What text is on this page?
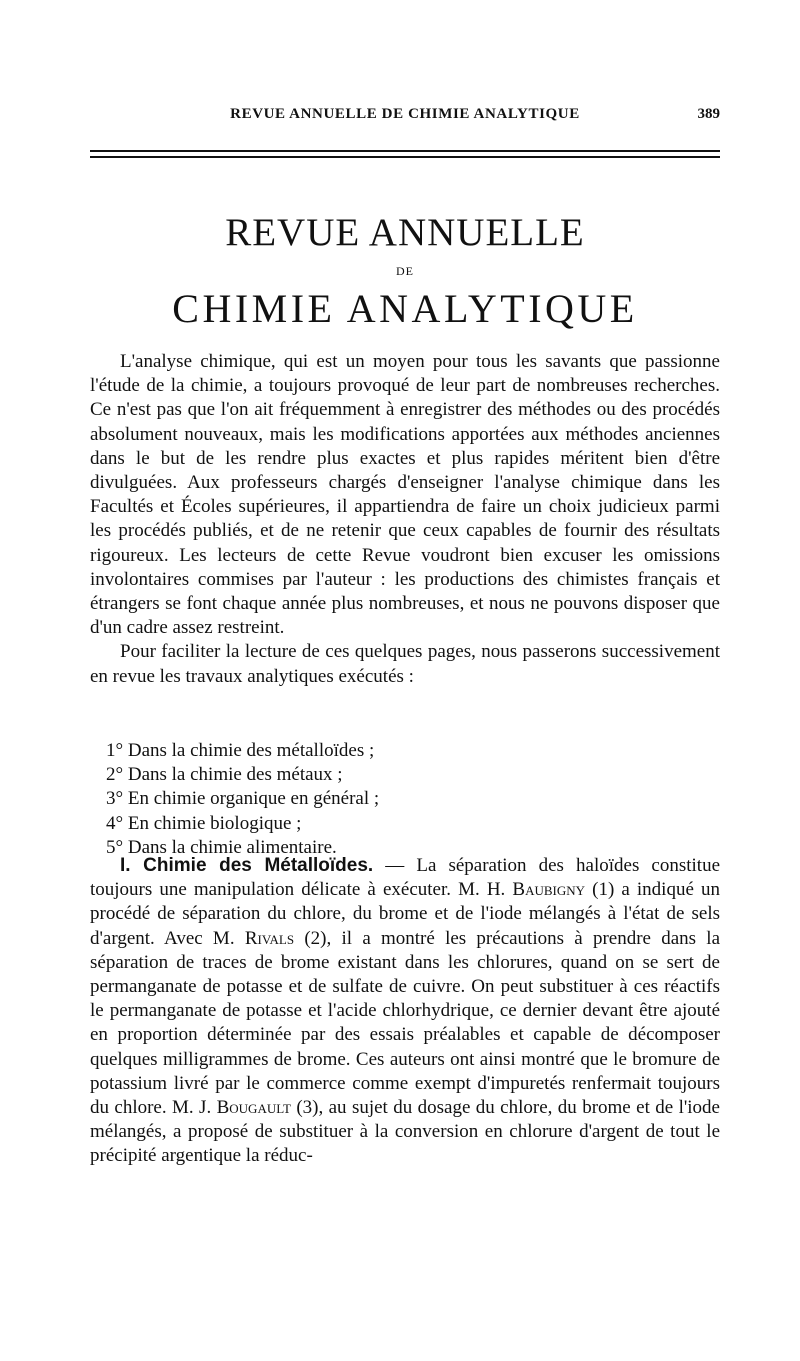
REVUE ANNUELLE DE CHIMIE ANALYTIQUE	389
REVUE ANNUELLE
DE
CHIMIE ANALYTIQUE

L'analyse chimique, qui est un moyen pour tous les savants que passionne l'étude de la chimie, a toujours provoqué de leur part de nombreuses recherches. Ce n'est pas que l'on ait fréquemment à enregistrer des méthodes ou des procédés absolument nouveaux, mais les modifications apportées aux méthodes anciennes dans le but de les rendre plus exactes et plus rapides méritent bien d'être divulguées. Aux professeurs chargés d'enseigner l'analyse chimique dans les Facultés et Écoles supérieures, il appartiendra de faire un choix judicieux parmi les procédés publiés, et de ne retenir que ceux capables de fournir des résultats rigoureux. Les lecteurs de cette Revue voudront bien excuser les omissions involontaires commises par l'auteur : les productions des chimistes français et étrangers se font chaque année plus nombreuses, et nous ne pouvons disposer que d'un cadre assez restreint.

Pour faciliter la lecture de ces quelques pages, nous passerons successivement en revue les travaux analytiques exécutés :

1° Dans la chimie des métalloïdes ;
2° Dans la chimie des métaux ;
3° En chimie organique en général ;
4° En chimie biologique ;
5° Dans la chimie alimentaire.

I. Chimie des Métalloïdes. — La séparation des haloïdes constitue toujours une manipulation délicate à exécuter. M. H. Baubigny (1) a indiqué un procédé de séparation du chlore, du brome et de l'iode mélangés à l'état de sels d'argent. Avec M. Rivals (2), il a montré les précautions à prendre dans la séparation de traces de brome existant dans les chlorures, quand on se sert de permanganate de potasse et de sulfate de cuivre. On peut substituer à ces réactifs le permanganate de potasse et l'acide chlorhydrique, ce dernier devant être ajouté en proportion déterminée par des essais préalables et capable de décomposer quelques milligrammes de brome. Ces auteurs ont ainsi montré que le bromure de potassium livré par le commerce comme exempt d'impuretés renfermait toujours du chlore. M. J. Bougault (3), au sujet du dosage du chlore, du brome et de l'iode mélangés, a proposé de substituer à la conversion en chlorure d'argent de tout le précipité argentique la réduc-
